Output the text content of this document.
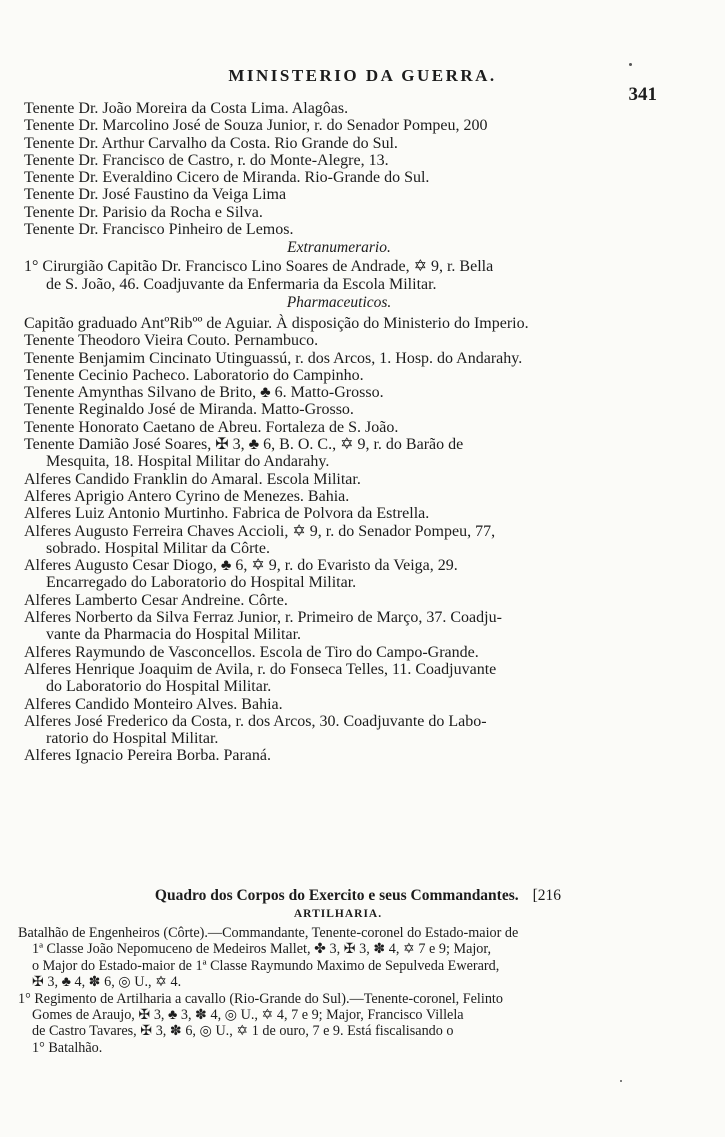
MINISTERIO DA GUERRA.
341
Tenente Dr. João Moreira da Costa Lima. Alagôas.
Tenente Dr. Marcolino José de Souza Junior, r. do Senador Pompeu, 200
Tenente Dr. Arthur Carvalho da Costa. Rio Grande do Sul.
Tenente Dr. Francisco de Castro, r. do Monte-Alegre, 13.
Tenente Dr. Everaldino Cicero de Miranda. Rio-Grande do Sul.
Tenente Dr. José Faustino da Veiga Lima
Tenente Dr. Parisio da Rocha e Silva.
Tenente Dr. Francisco Pinheiro de Lemos.
Extranumerario.
1° Cirurgião Capitão Dr. Francisco Lino Soares de Andrade, ✡ 9, r. Bella
de S. João, 46. Coadjuvante da Enfermaria da Escola Militar.
Pharmaceuticos.
Capitão graduado AntºRibºº de Aguiar. À disposição do Ministerio do Imperio.
Tenente Theodoro Vieira Couto. Pernambuco.
Tenente Benjamim Cincinato Utinguassú, r. dos Arcos, 1. Hosp. do Andarahy.
Tenente Cecinio Pacheco. Laboratorio do Campinho.
Tenente Amynthas Silvano de Brito, ♣ 6. Matto-Grosso.
Tenente Reginaldo José de Miranda. Matto-Grosso.
Tenente Honorato Caetano de Abreu. Fortaleza de S. João.
Tenente Damião José Soares, ✠ 3, ♣ 6, B. O. C., ✡ 9, r. do Barão de
Mesquita, 18. Hospital Militar do Andarahy.
Alferes Candido Franklin do Amaral. Escola Militar.
Alferes Aprigio Antero Cyrino de Menezes. Bahia.
Alferes Luiz Antonio Murtinho. Fabrica de Polvora da Estrella.
Alferes Augusto Ferreira Chaves Accioli, ✡ 9, r. do Senador Pompeu, 77,
sobrado. Hospital Militar da Côrte.
Alferes Augusto Cesar Diogo, ♣ 6, ✡ 9, r. do Evaristo da Veiga, 29.
Encarregado do Laboratorio do Hospital Militar.
Alferes Lamberto Cesar Andreine. Côrte.
Alferes Norberto da Silva Ferraz Junior, r. Primeiro de Março, 37. Coadju-
vante da Pharmacia do Hospital Militar.
Alferes Raymundo de Vasconcellos. Escola de Tiro do Campo-Grande.
Alferes Henrique Joaquim de Avila, r. do Fonseca Telles, 11. Coadjuvante
do Laboratorio do Hospital Militar.
Alferes Candido Monteiro Alves. Bahia.
Alferes José Frederico da Costa, r. dos Arcos, 30. Coadjuvante do Labo-
ratorio do Hospital Militar.
Alferes Ignacio Pereira Borba. Paraná.
Quadro dos Corpos do Exercito e seus Commandantes. [216
ARTILHARIA.
Batalhão de Engenheiros (Côrte).—Commandante, Tenente-coronel do Estado-maior de
1ª Classe João Nepomuceno de Medeiros Mallet, ✤ 3, ✠ 3, ✽ 4, ✡ 7 e 9; Major,
o Major do Estado-maior de 1ª Classe Raymundo Maximo de Sepulveda Ewerard,
✠ 3, ♣ 4, ✽ 6, ◎ U., ✡ 4.
1° Regimento de Artilharia a cavallo (Rio-Grande do Sul).—Tenente-coronel, Felinto
Gomes de Araujo, ✠ 3, ♣ 3, ✽ 4, ◎ U., ✡ 4, 7 e 9; Major, Francisco Villela
de Castro Tavares, ✠ 3, ✽ 6, ◎ U., ✡ 1 de ouro, 7 e 9. Está fiscalisando o
1° Batalhão.
